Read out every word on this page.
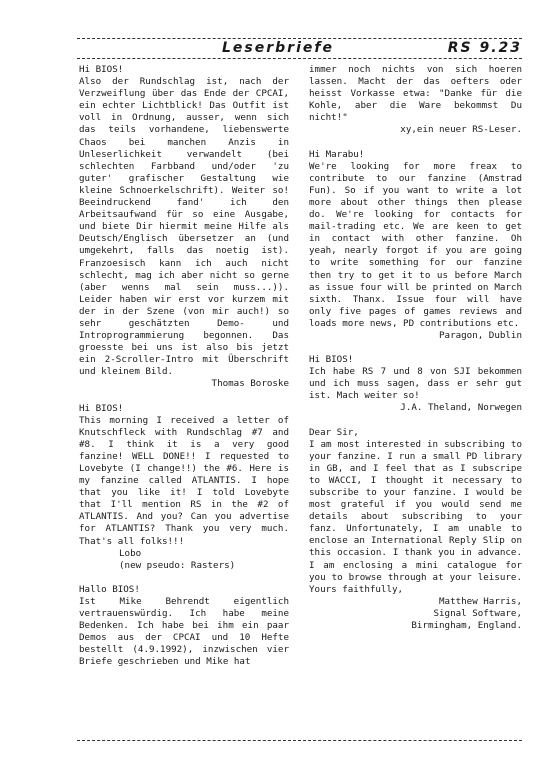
Leserbriefe	RS 9.23
Hi BIOS!
Also der Rundschlag ist, nach der Verzweiflung über das Ende der CPCAI, ein echter Lichtblick! Das Outfit ist voll in Ordnung, ausser, wenn sich das teils vorhandene, liebenswerte Chaos bei manchen Anzis in Unleserlichkeit verwandelt (bei schlechten Farbband und/oder 'zu guter' grafischer Gestaltung wie kleine Schnoerkelschrift). Weiter so! Beeindruckend fand' ich den Arbeitsaufwand für so eine Ausgabe, und biete Dir hiermit meine Hilfe als Deutsch/Englisch übersetzer an (und umgekehrt, falls das noetig ist). Franzoesisch kann ich auch nicht schlecht, mag ich aber nicht so gerne (aber wenns mal sein muss...)). Leider haben wir erst vor kurzem mit der in der Szene (von mir auch!) so sehr geschätzten Demo- und Introprogrammierung begonnen. Das groesste bei uns ist also bis jetzt ein 2-Scroller-Intro mit Überschrift und kleinem Bild.
Thomas Boroske
Hi BIOS!
This morning I received a letter of Knutschfleck with Rundschlag #7 and #8. I think it is a very good fanzine! WELL DONE!! I requested to Lovebyte (I change!!) the #6. Here is my fanzine called ATLANTIS. I hope that you like it! I told Lovebyte that I'll mention RS in the #2 of ATLANTIS. And you? Can you advertise for ATLANTIS? Thank you very much. That's all folks!!!
Lobo
(new pseudo: Rasters)
Hallo BIOS!
Ist Mike Behrendt eigentlich vertrauenswürdig. Ich habe meine Bedenken. Ich habe bei ihm ein paar Demos aus der CPCAI und 10 Hefte bestellt (4.9.1992), inzwischen vier Briefe geschrieben und Mike hat
immer noch nichts von sich hoeren lassen. Macht der das oefters oder heisst Vorkasse etwa: "Danke für die Kohle, aber die Ware bekommst Du nicht!"
xy,ein neuer RS-Leser.
Hi Marabu!
We're looking for more freax to contribute to our fanzine (Amstrad Fun). So if you want to write a lot more about other things then please do. We're looking for contacts for mail-trading etc. We are keen to get in contact with other fanzine. Oh yeah, nearly forgot if you are going to write something for our fanzine then try to get it to us before March as issue four will be printed on March sixth. Thanx. Issue four will have only five pages of games reviews and loads more news, PD contributions etc.
Paragon, Dublin
Hi BIOS!
Ich habe RS 7 und 8 von SJI bekommen und ich muss sagen, dass er sehr gut ist. Mach weiter so!
J.A. Theland, Norwegen
Dear Sir,
I am most interested in subscribing to your fanzine. I run a small PD library in GB, and I feel that as I subscripe to WACCI, I thought it necessary to subscribe to your fanzine. I would be most grateful if you would send me details about subscribing to your fanz. Unfortunately, I am unable to enclose an International Reply Slip on this occasion. I thank you in advance. I am enclosing a mini catalogue for you to browse through at your leisure. Yours faithfully,
Matthew Harris,
Signal Software,
Birmingham, England.
